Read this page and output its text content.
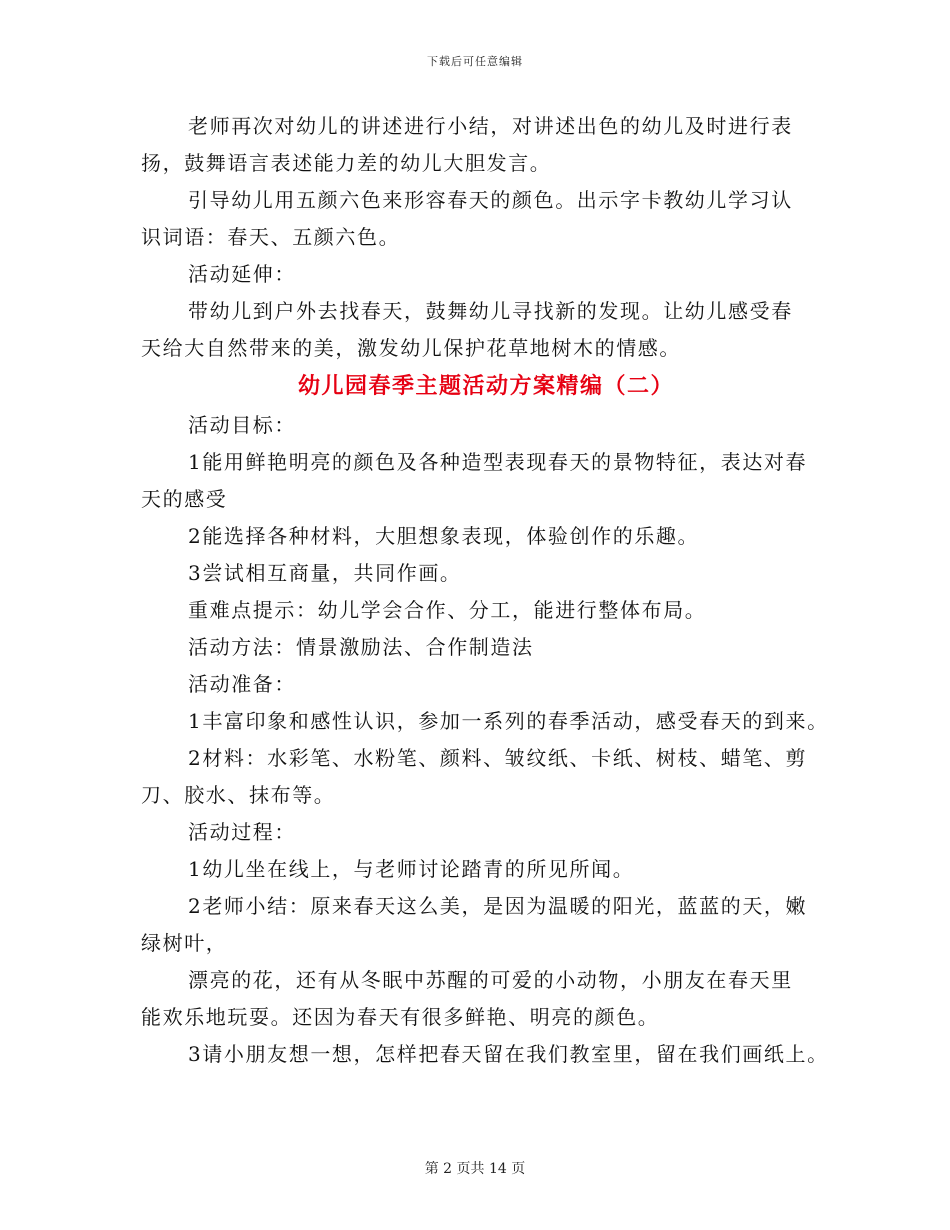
下载后可任意编辑

老师再次对幼儿的讲述进行小结，对讲述出色的幼儿及时进行表

扬，鼓舞语言表述能力差的幼儿大胆发言。

引导幼儿用五颜六色来形容春天的颜色。出示字卡教幼儿学习认

识词语：春天、五颜六色。

活动延伸：

带幼儿到户外去找春天，鼓舞幼儿寻找新的发现。让幼儿感受春

天给大自然带来的美，激发幼儿保护花草地树木的情感。

幼儿园春季主题活动方案精编（二）

活动目标：

1能用鲜艳明亮的颜色及各种造型表现春天的景物特征，表达对春

天的感受

2能选择各种材料，大胆想象表现，体验创作的乐趣。

3尝试相互商量，共同作画。

重难点提示：幼儿学会合作、分工，能进行整体布局。

活动方法：情景激励法、合作制造法

活动准备：

1丰富印象和感性认识，参加一系列的春季活动，感受春天的到来。

2材料：水彩笔、水粉笔、颜料、皱纹纸、卡纸、树枝、蜡笔、剪

刀、胶水、抹布等。

活动过程：

1幼儿坐在线上，与老师讨论踏青的所见所闻。

2老师小结：原来春天这么美，是因为温暖的阳光，蓝蓝的天，嫩

绿树叶，

漂亮的花，还有从冬眠中苏醒的可爱的小动物，小朋友在春天里

能欢乐地玩耍。还因为春天有很多鲜艳、明亮的颜色。

3请小朋友想一想，怎样把春天留在我们教室里，留在我们画纸上。

第 2 页共 14 页
